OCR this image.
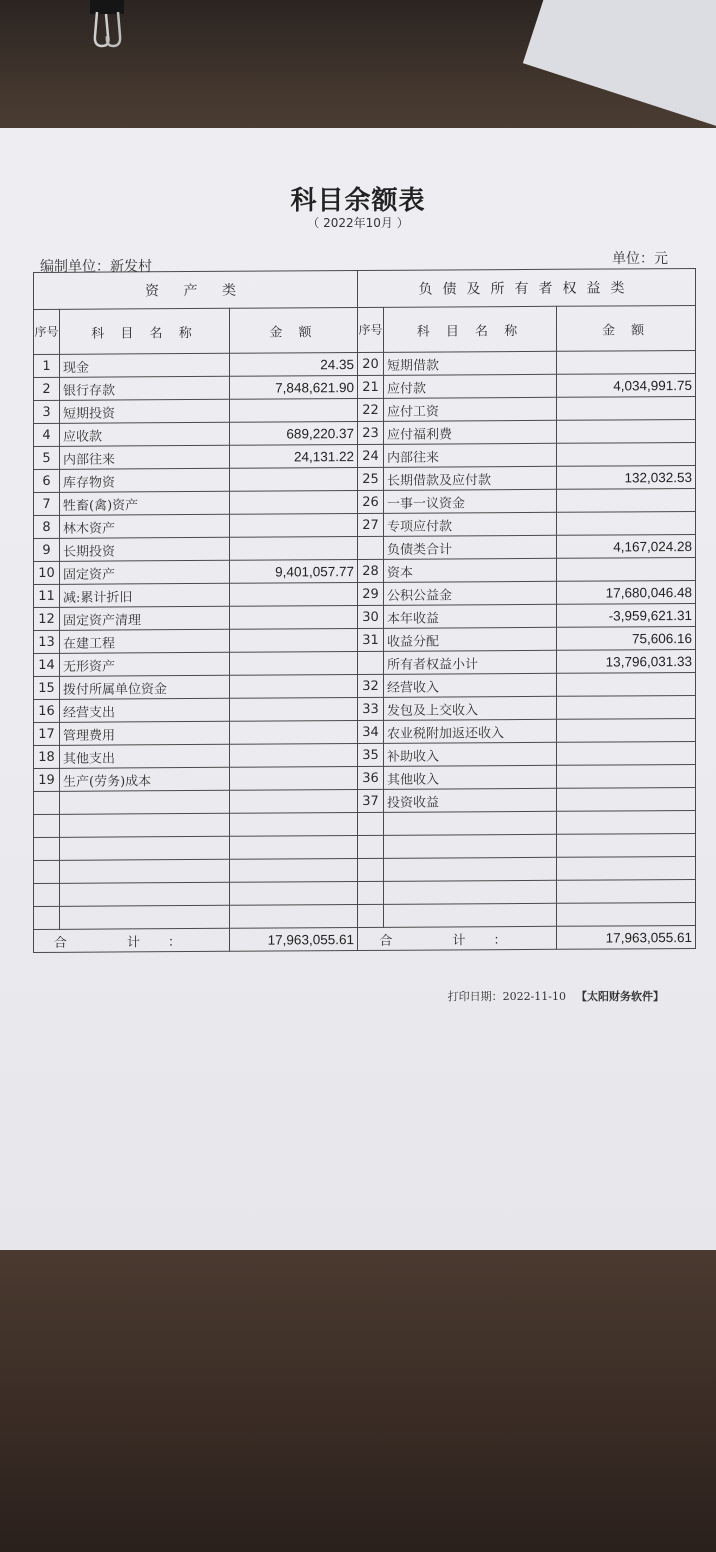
科目余额表
（ 2022年10月 ）
编制单位：新发村	单位：元
资 产 类			负债及所有者权益类		
序号	科 目 名 称	金 额	序号	科 目 名 称	金 额
1	现金	24.35	20	短期借款	
2	银行存款	7,848,621.90	21	应付款	4,034,991.75
3	短期投资		22	应付工资	
4	应收款	689,220.37	23	应付福利费	
5	内部往来	24,131.22	24	内部往来	
6	库存物资		25	长期借款及应付款	132,032.53
7	牲畜(禽)资产		26	一事一议资金	
8	林木资产		27	专项应付款	
9	长期投资			负债类合计	4,167,024.28
10	固定资产	9,401,057.77	28	资本	
11	减:累计折旧		29	公积公益金	17,680,046.48
12	固定资产清理		30	本年收益	-3,959,621.31
13	在建工程		31	收益分配	75,606.16
14	无形资产			所有者权益小计	13,796,031.33
15	拨付所属单位资金		32	经营收入	
16	经营支出		33	发包及上交收入	
17	管理费用		34	农业税附加返还收入	
18	其他支出		35	补助收入	
19	生产(劳务)成本		36	其他收入	
			37	投资收益	

合 计：		17,963,055.61	合 计：		17,963,055.61
打印日期：2022-11-10 【太阳财务软件】
